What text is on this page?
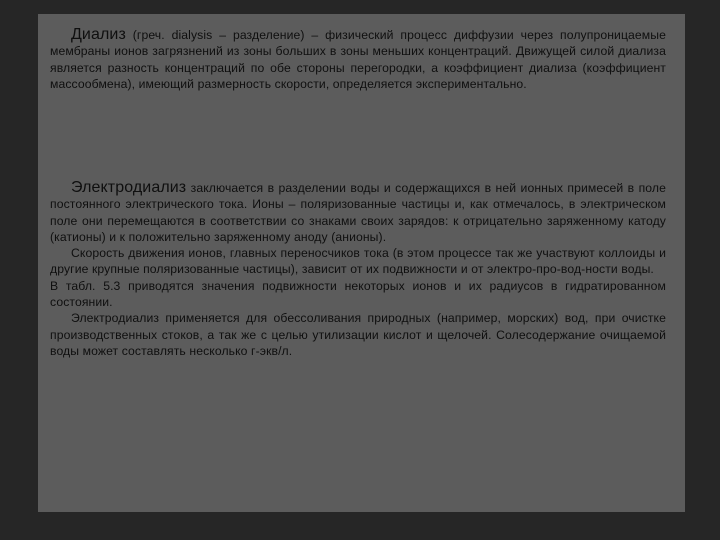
Диализ (греч. dialysis – разделение) – физический процесс диффузии через полупроницаемые мембраны ионов загрязнений из зоны больших в зоны меньших концентраций. Движущей силой диализа является разность концентраций по обе стороны перегородки, а коэффициент диализа (коэффициент массообмена), имеющий размерность скорости, определяется экспериментально.

Электродиализ заключается в разделении воды и содержащихся в ней ионных примесей в поле постоянного электрического тока. Ионы – поляризованные частицы и, как отмечалось, в электрическом поле они перемещаются в соответствии со знаками своих зарядов: к отрицательно заряженному катоду (катионы) и к положительно заряженному аноду (анионы).

Скорость движения ионов, главных переносчиков тока (в этом процессе так же участвуют коллоиды и другие крупные поляризованные частицы), зависит от их подвижности и от электро-про-вод-ности воды.

В табл. 5.3 приводятся значения подвижности некоторых ионов и их радиусов в гидратированном состоянии.

Электродиализ применяется для обессоливания природных (например, морских) вод, при очистке производственных стоков, а так же с целью утилизации кислот и щелочей. Солесодержание очищаемой воды может составлять несколько г-экв/л.
